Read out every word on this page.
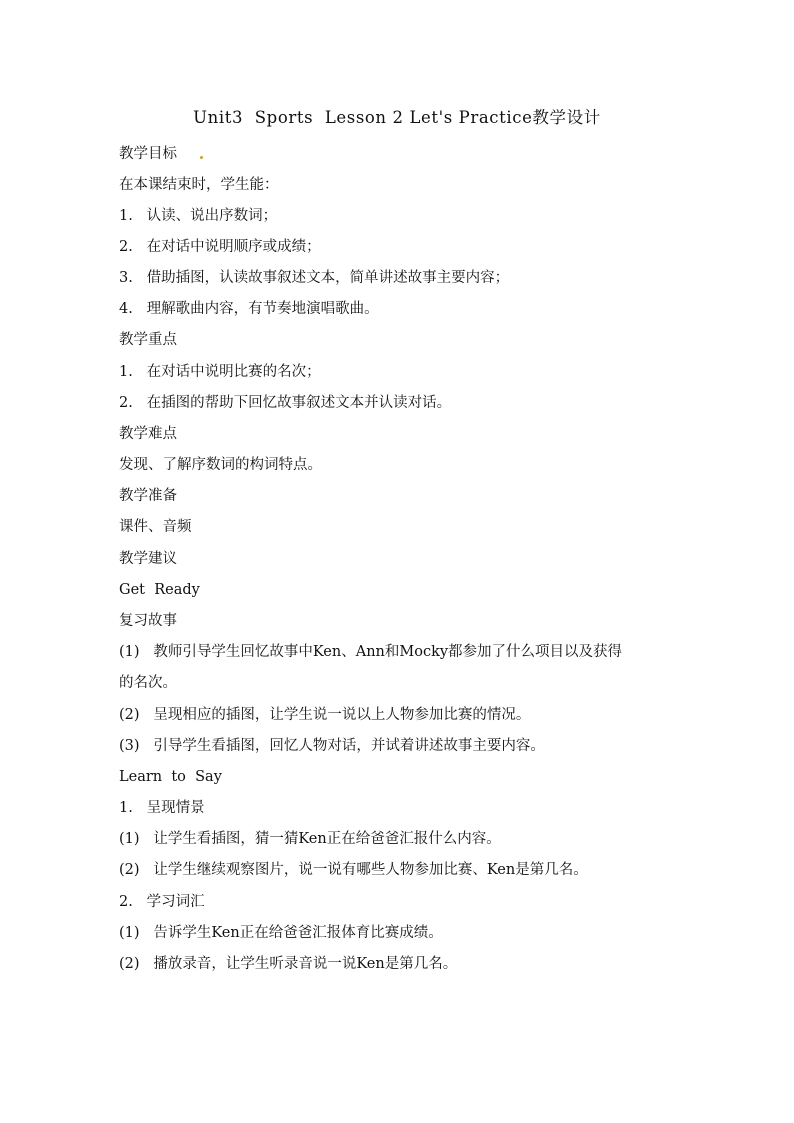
Unit3  Sports  Lesson 2 Let's Practice教学设计
教学目标
在本课结束时，学生能：
1.   认读、说出序数词；
2.   在对话中说明顺序或成绩；
3.   借助插图，认读故事叙述文本，简单讲述故事主要内容；
4.   理解歌曲内容，有节奏地演唱歌曲。
教学重点
1.   在对话中说明比赛的名次；
2.   在插图的帮助下回忆故事叙述文本并认读对话。
教学难点
发现、了解序数词的构词特点。
教学准备
课件、音频
教学建议
Get  Ready
复习故事
(1)   教师引导学生回忆故事中Ken、Ann和Mocky都参加了什么项目以及获得
的名次。
(2)   呈现相应的插图，让学生说一说以上人物参加比赛的情况。
(3)   引导学生看插图，回忆人物对话，并试着讲述故事主要内容。
Learn  to  Say
1.   呈现情景
(1)   让学生看插图，猜一猜Ken正在给爸爸汇报什么内容。
(2)   让学生继续观察图片，说一说有哪些人物参加比赛、Ken是第几名。
2.   学习词汇
(1)   告诉学生Ken正在给爸爸汇报体育比赛成绩。
(2)   播放录音，让学生听录音说一说Ken是第几名。
